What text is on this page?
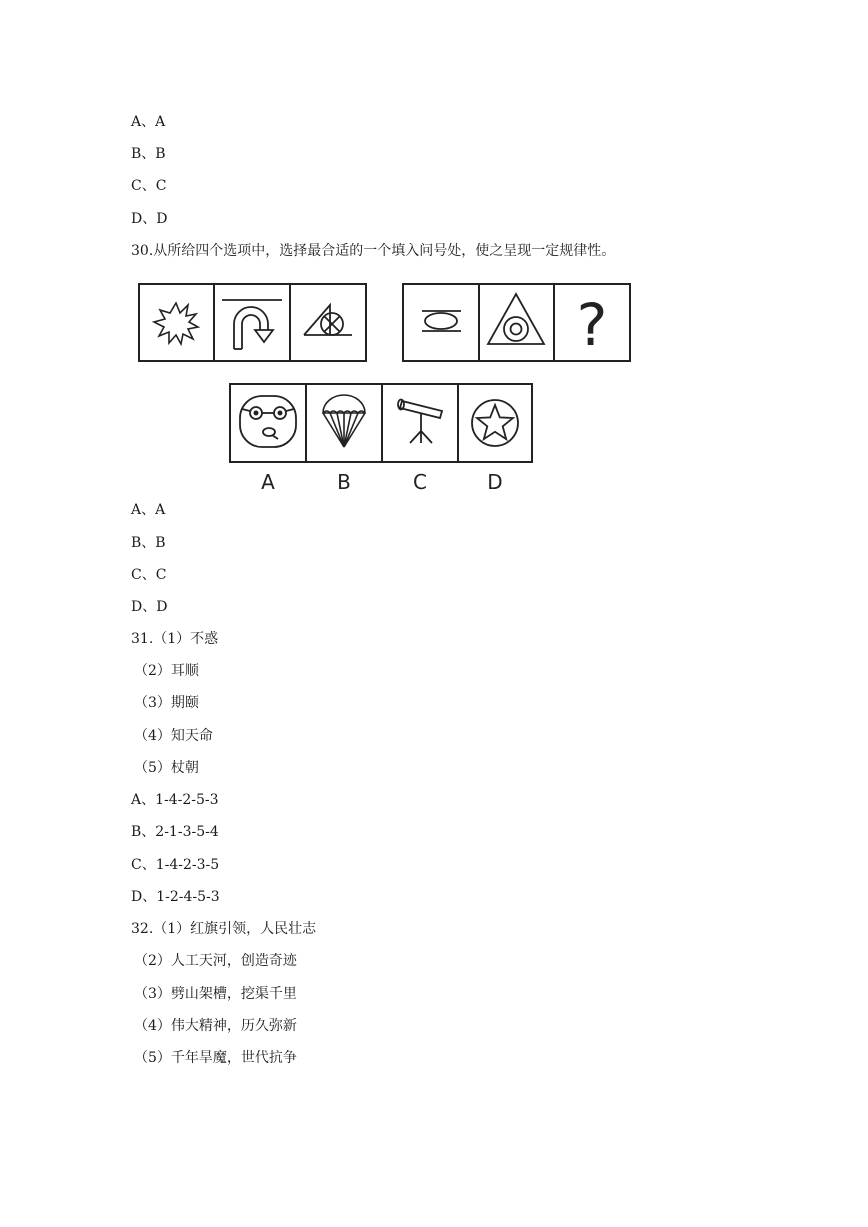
A、A
B、B
C、C
D、D
30.从所给四个选项中，选择最合适的一个填入问号处，使之呈现一定规律性。
?
A	B	C	D
A、A
B、B
C、C
D、D
31.（1）不惑
（2）耳顺
（3）期颐
（4）知天命
（5）杖朝
A、1-4-2-5-3
B、2-1-3-5-4
C、1-4-2-3-5
D、1-2-4-5-3
32.（1）红旗引领，人民壮志
（2）人工天河，创造奇迹
（3）劈山架槽，挖渠千里
（4）伟大精神，历久弥新
（5）千年旱魔，世代抗争
